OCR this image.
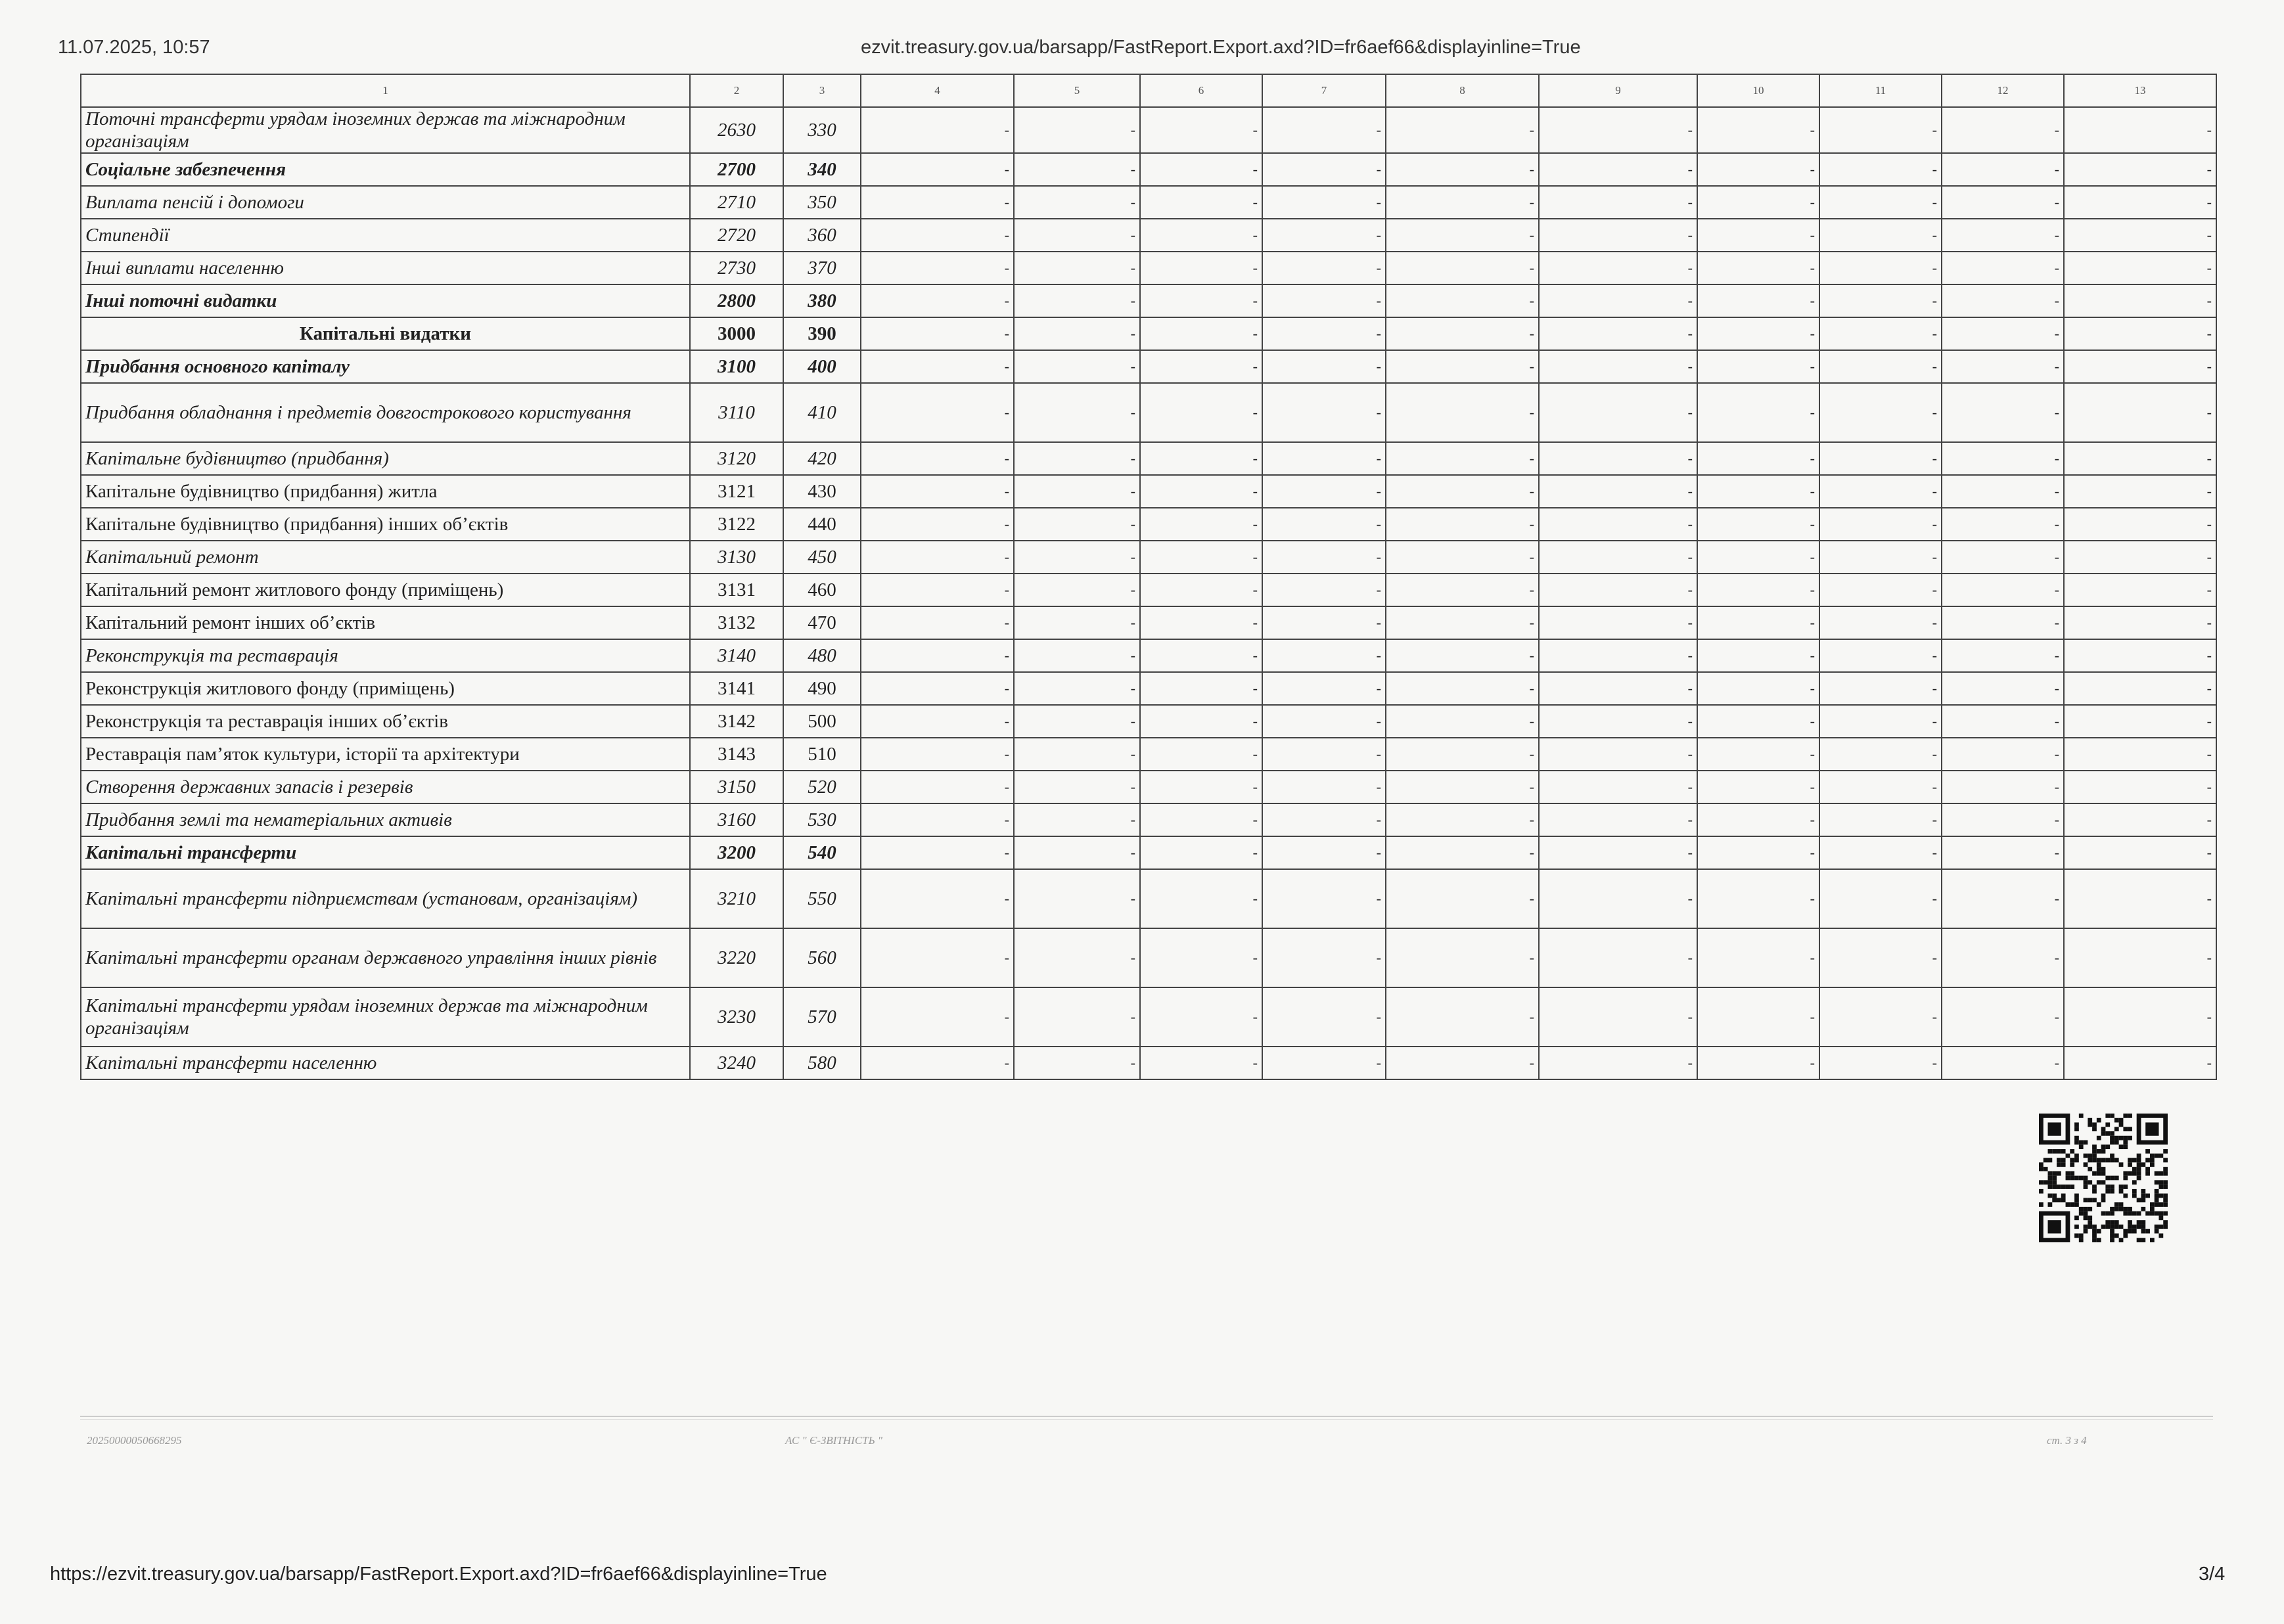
11.07.2025, 10:57	ezvit.treasury.gov.ua/barsapp/FastReport.Export.axd?ID=fr6aef66&displayinline=True
1	2	3	4	5	6	7	8	9	10	11	12	13
Поточні трансферти урядам іноземних держав та міжнародним організаціям	2630	330	-	-	-	-	-	-	-	-	-	-
Соціальне забезпечення	2700	340	-	-	-	-	-	-	-	-	-	-
Виплата пенсій і допомоги	2710	350	-	-	-	-	-	-	-	-	-	-
Стипендії	2720	360	-	-	-	-	-	-	-	-	-	-
Інші виплати населенню	2730	370	-	-	-	-	-	-	-	-	-	-
Інші поточні видатки	2800	380	-	-	-	-	-	-	-	-	-	-
Капітальні видатки	3000	390	-	-	-	-	-	-	-	-	-	-
Придбання основного капіталу	3100	400	-	-	-	-	-	-	-	-	-	-
Придбання обладнання і предметів довгострокового користування	3110	410	-	-	-	-	-	-	-	-	-	-
Капітальне будівництво (придбання)	3120	420	-	-	-	-	-	-	-	-	-	-
Капітальне будівництво (придбання) житла	3121	430	-	-	-	-	-	-	-	-	-	-
Капітальне будівництво (придбання) інших об’єктів	3122	440	-	-	-	-	-	-	-	-	-	-
Капітальний ремонт	3130	450	-	-	-	-	-	-	-	-	-	-
Капітальний ремонт житлового фонду (приміщень)	3131	460	-	-	-	-	-	-	-	-	-	-
Капітальний ремонт інших об’єктів	3132	470	-	-	-	-	-	-	-	-	-	-
Реконструкція та реставрація	3140	480	-	-	-	-	-	-	-	-	-	-
Реконструкція житлового фонду (приміщень)	3141	490	-	-	-	-	-	-	-	-	-	-
Реконструкція та реставрація інших об’єктів	3142	500	-	-	-	-	-	-	-	-	-	-
Реставрація пам’яток культури, історії та архітектури	3143	510	-	-	-	-	-	-	-	-	-	-
Створення державних запасів і резервів	3150	520	-	-	-	-	-	-	-	-	-	-
Придбання землі та нематеріальних активів	3160	530	-	-	-	-	-	-	-	-	-	-
Капітальні трансферти	3200	540	-	-	-	-	-	-	-	-	-	-
Капітальні трансферти підприємствам (установам, організаціям)	3210	550	-	-	-	-	-	-	-	-	-	-
Капітальні трансферти органам державного управління інших рівнів	3220	560	-	-	-	-	-	-	-	-	-	-
Капітальні трансферти урядам іноземних держав та міжнародним організаціям	3230	570	-	-	-	-	-	-	-	-	-	-
Капітальні трансферти населенню	3240	580	-	-	-	-	-	-	-	-	-	-
20250000050668295	АС " Є-ЗВІТНІСТЬ "	ст. 3 з 4
https://ezvit.treasury.gov.ua/barsapp/FastReport.Export.axd?ID=fr6aef66&displayinline=True	3/4
